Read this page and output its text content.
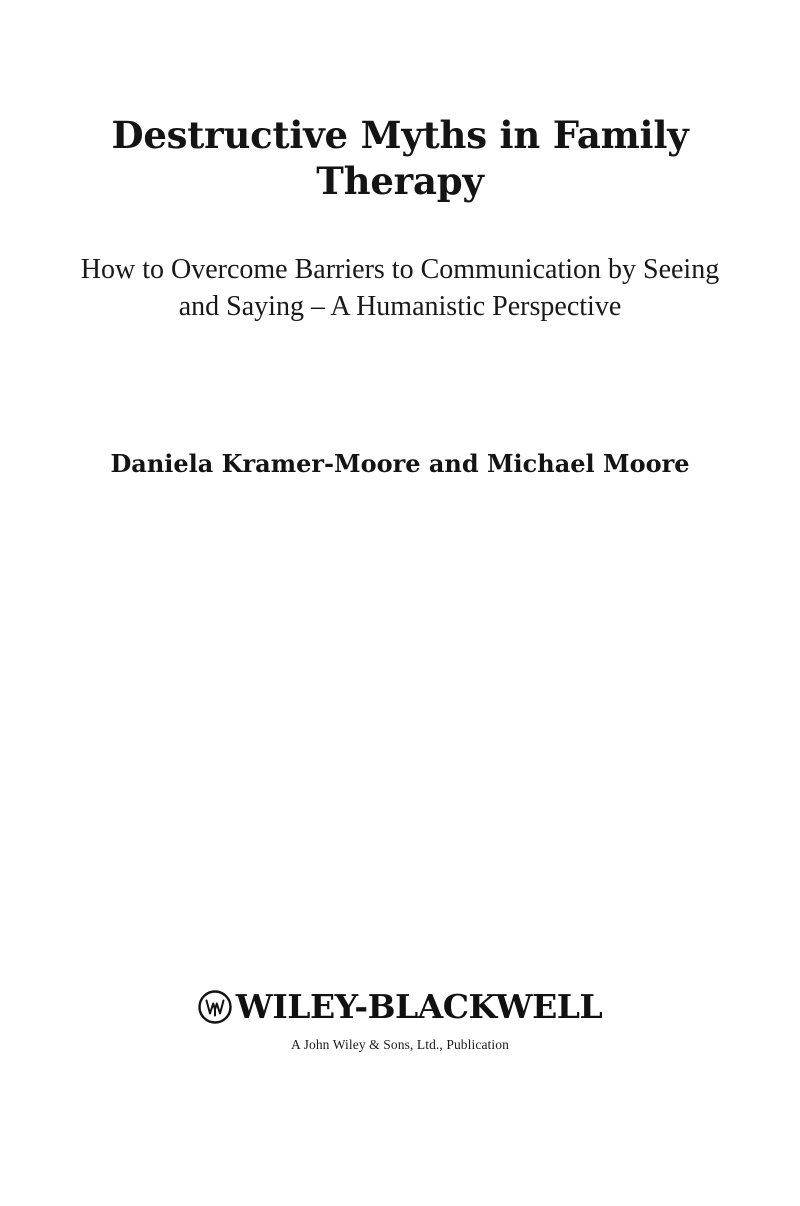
Destructive Myths in Family Therapy

How to Overcome Barriers to Communication by Seeing and Saying – A Humanistic Perspective

Daniela Kramer-Moore and Michael Moore

WILEY-BLACKWELL
A John Wiley & Sons, Ltd., Publication
